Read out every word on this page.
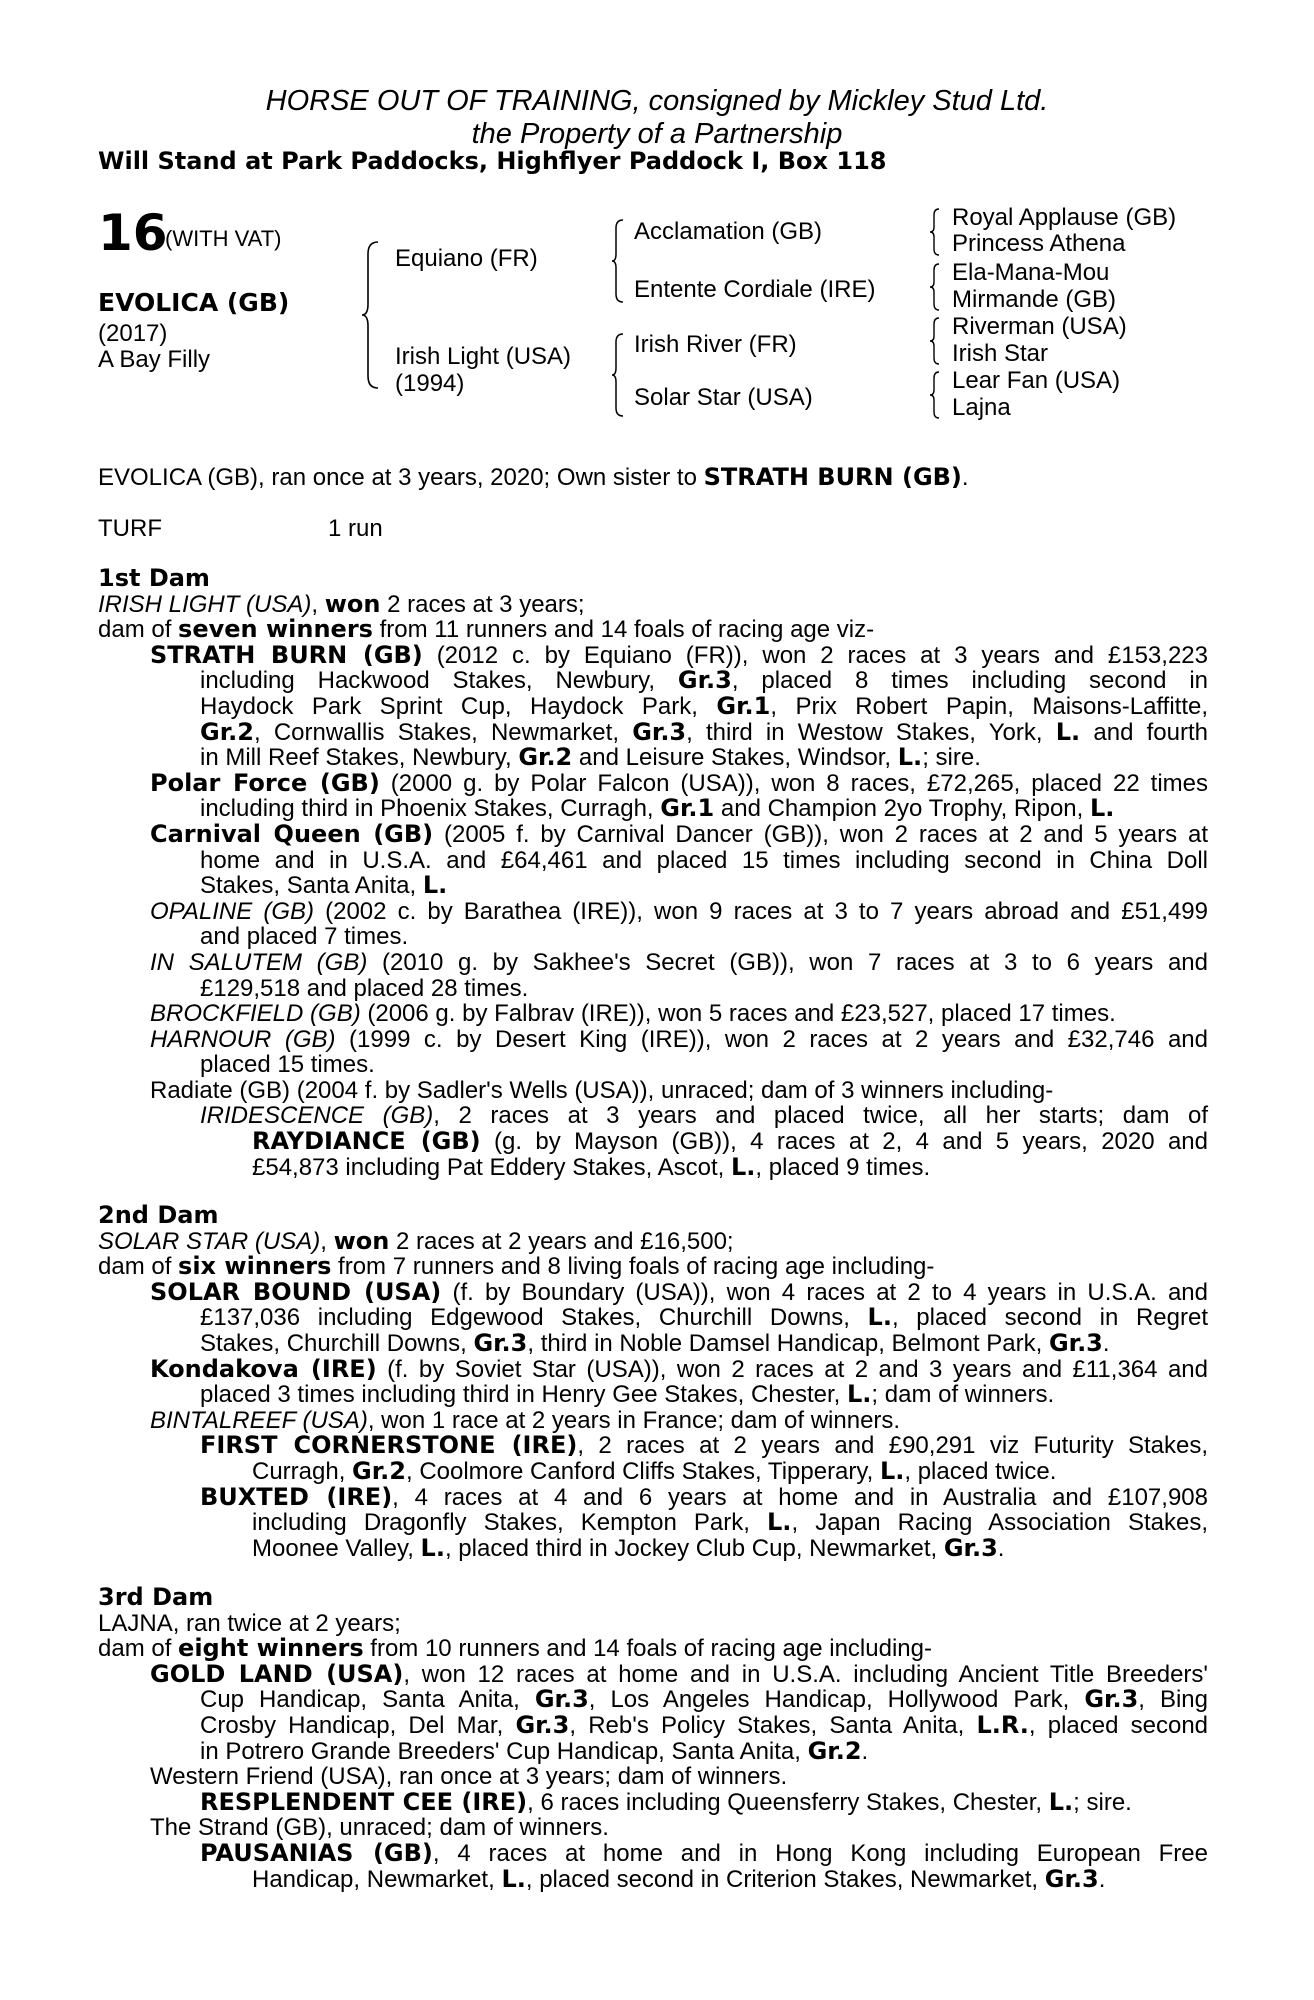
HORSE OUT OF TRAINING, consigned by Mickley Stud Ltd.
the Property of a Partnership
Will Stand at Park Paddocks, Highflyer Paddock I, Box 118
16
(WITH VAT)
EVOLICA (GB)
(2017)
A Bay Filly
Equiano (FR)
Irish Light (USA)
(1994)
Acclamation (GB)
Entente Cordiale (IRE)
Irish River (FR)
Solar Star (USA)
Royal Applause (GB)
Princess Athena
Ela-Mana-Mou
Mirmande (GB)
Riverman (USA)
Irish Star
Lear Fan (USA)
Lajna
EVOLICA (GB), ran once at 3 years, 2020; Own sister to STRATH BURN (GB).
TURF	1 run
1st Dam
IRISH LIGHT (USA), won 2 races at 3 years;
dam of seven winners from 11 runners and 14 foals of racing age viz-
STRATH BURN (GB) (2012 c. by Equiano (FR)), won 2 races at 3 years and £153,223
including Hackwood Stakes, Newbury, Gr.3, placed 8 times including second in
Haydock Park Sprint Cup, Haydock Park, Gr.1, Prix Robert Papin, Maisons-Laffitte,
Gr.2, Cornwallis Stakes, Newmarket, Gr.3, third in Westow Stakes, York, L. and fourth
in Mill Reef Stakes, Newbury, Gr.2 and Leisure Stakes, Windsor, L.; sire.
Polar Force (GB) (2000 g. by Polar Falcon (USA)), won 8 races, £72,265, placed 22 times
including third in Phoenix Stakes, Curragh, Gr.1 and Champion 2yo Trophy, Ripon, L.
Carnival Queen (GB) (2005 f. by Carnival Dancer (GB)), won 2 races at 2 and 5 years at
home and in U.S.A. and £64,461 and placed 15 times including second in China Doll
Stakes, Santa Anita, L.
OPALINE (GB) (2002 c. by Barathea (IRE)), won 9 races at 3 to 7 years abroad and £51,499
and placed 7 times.
IN SALUTEM (GB) (2010 g. by Sakhee's Secret (GB)), won 7 races at 3 to 6 years and
£129,518 and placed 28 times.
BROCKFIELD (GB) (2006 g. by Falbrav (IRE)), won 5 races and £23,527, placed 17 times.
HARNOUR (GB) (1999 c. by Desert King (IRE)), won 2 races at 2 years and £32,746 and
placed 15 times.
Radiate (GB) (2004 f. by Sadler's Wells (USA)), unraced; dam of 3 winners including-
IRIDESCENCE (GB), 2 races at 3 years and placed twice, all her starts; dam of
RAYDIANCE (GB) (g. by Mayson (GB)), 4 races at 2, 4 and 5 years, 2020 and
£54,873 including Pat Eddery Stakes, Ascot, L., placed 9 times.
2nd Dam
SOLAR STAR (USA), won 2 races at 2 years and £16,500;
dam of six winners from 7 runners and 8 living foals of racing age including-
SOLAR BOUND (USA) (f. by Boundary (USA)), won 4 races at 2 to 4 years in U.S.A. and
£137,036 including Edgewood Stakes, Churchill Downs, L., placed second in Regret
Stakes, Churchill Downs, Gr.3, third in Noble Damsel Handicap, Belmont Park, Gr.3.
Kondakova (IRE) (f. by Soviet Star (USA)), won 2 races at 2 and 3 years and £11,364 and
placed 3 times including third in Henry Gee Stakes, Chester, L.; dam of winners.
BINTALREEF (USA), won 1 race at 2 years in France; dam of winners.
FIRST CORNERSTONE (IRE), 2 races at 2 years and £90,291 viz Futurity Stakes,
Curragh, Gr.2, Coolmore Canford Cliffs Stakes, Tipperary, L., placed twice.
BUXTED (IRE), 4 races at 4 and 6 years at home and in Australia and £107,908
including Dragonfly Stakes, Kempton Park, L., Japan Racing Association Stakes,
Moonee Valley, L., placed third in Jockey Club Cup, Newmarket, Gr.3.
3rd Dam
LAJNA, ran twice at 2 years;
dam of eight winners from 10 runners and 14 foals of racing age including-
GOLD LAND (USA), won 12 races at home and in U.S.A. including Ancient Title Breeders'
Cup Handicap, Santa Anita, Gr.3, Los Angeles Handicap, Hollywood Park, Gr.3, Bing
Crosby Handicap, Del Mar, Gr.3, Reb's Policy Stakes, Santa Anita, L.R., placed second
in Potrero Grande Breeders' Cup Handicap, Santa Anita, Gr.2.
Western Friend (USA), ran once at 3 years; dam of winners.
RESPLENDENT CEE (IRE), 6 races including Queensferry Stakes, Chester, L.; sire.
The Strand (GB), unraced; dam of winners.
PAUSANIAS (GB), 4 races at home and in Hong Kong including European Free
Handicap, Newmarket, L., placed second in Criterion Stakes, Newmarket, Gr.3.
